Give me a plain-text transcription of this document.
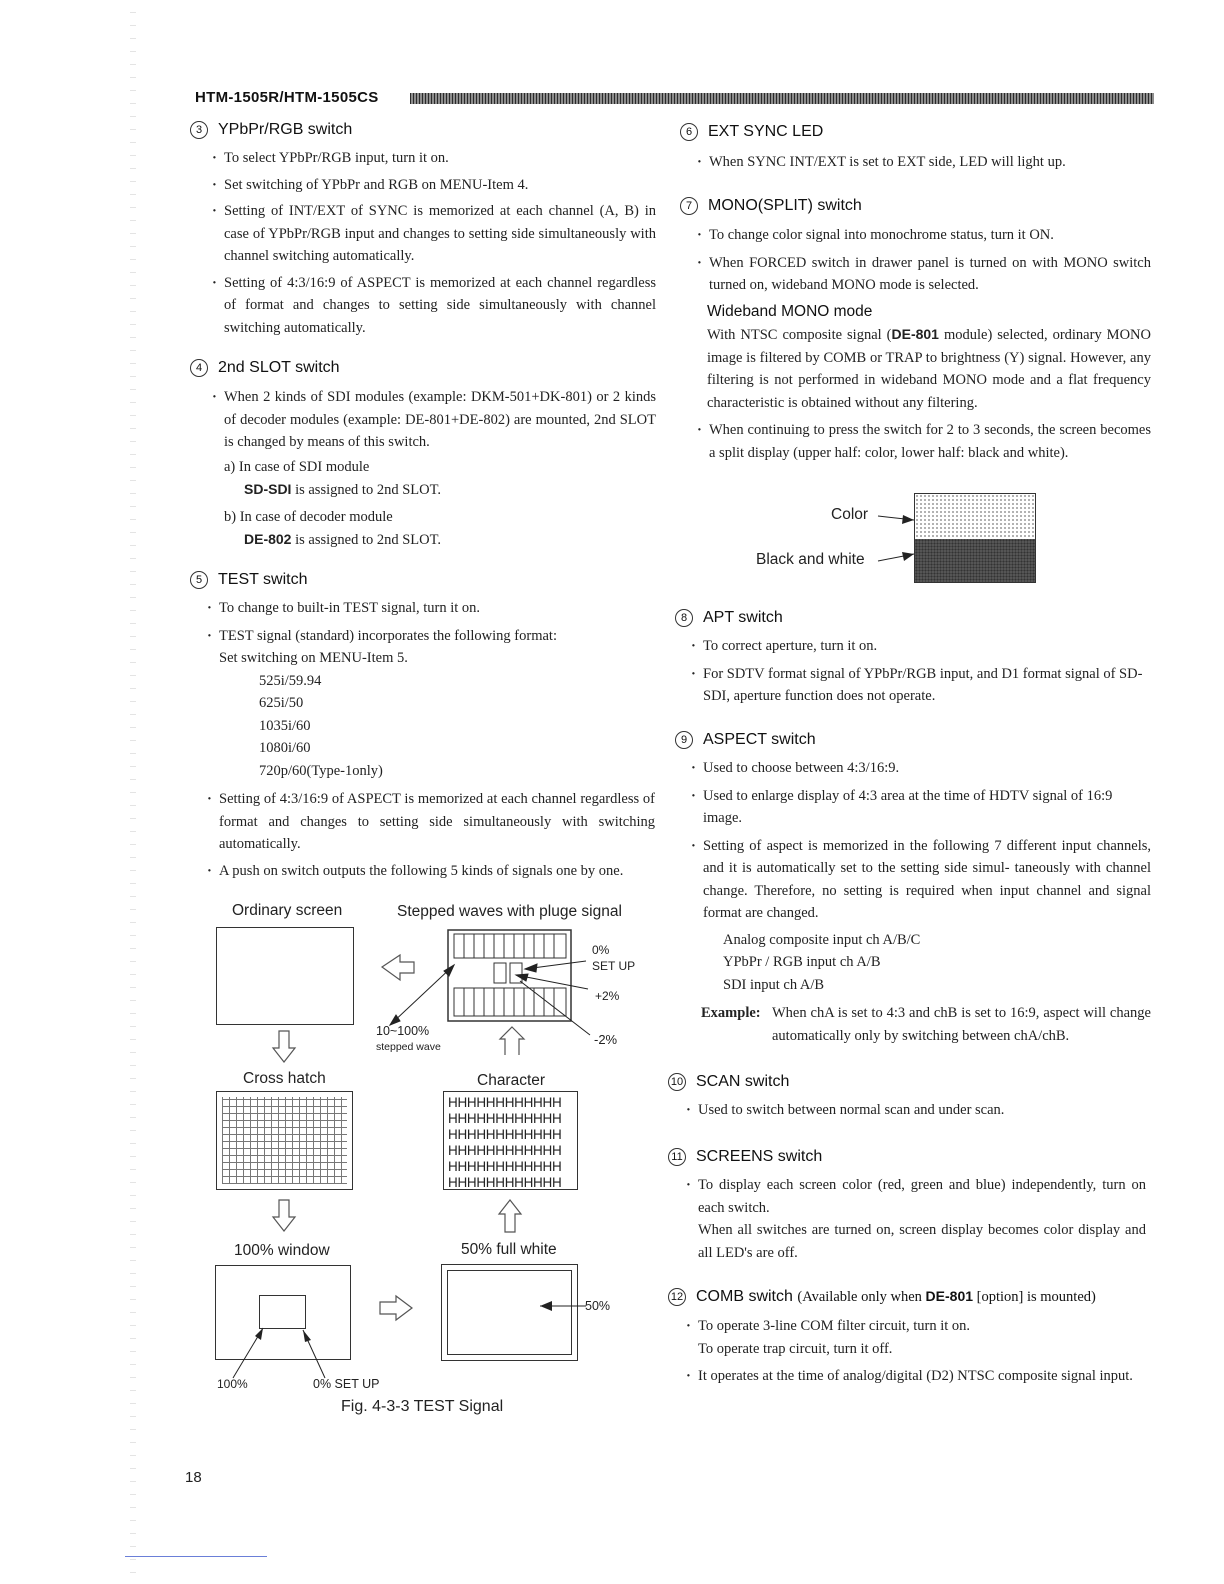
HTM-1505R/HTM-1505CS
3 YPbPr/RGB switch
· To select YPbPr/RGB input, turn it on.
· Set switching of YPbPr and RGB on MENU-Item 4.
· Setting of INT/EXT of SYNC is memorized at each channel (A, B) in case of YPbPr/RGB input and changes to setting side simultaneously with channel switching automatically.
· Setting of 4:3/16:9 of ASPECT is memorized at each channel regardless of format and changes to setting side simultaneously with channel switching automatically.
4 2nd SLOT switch
· When 2 kinds of SDI modules (example: DKM-501+DK-801) or 2 kinds of decoder modules (example: DE-801+DE-802) are mounted, 2nd SLOT is changed by means of this switch.
a) In case of SDI module
SD-SDI is assigned to 2nd SLOT.
b) In case of decoder module
DE-802 is assigned to 2nd SLOT.
5 TEST switch
· To change to built-in TEST signal, turn it on.
· TEST signal (standard) incorporates the following format:
Set switching on MENU-Item 5.
525i/59.94
625i/50
1035i/60
1080i/60
720p/60(Type-1only)
· Setting of 4:3/16:9 of ASPECT is memorized at each channel regardless of format and changes to setting side simultaneously with switching automatically.
· A push on switch outputs the following 5 kinds of signals one by one.
Ordinary screen	Stepped waves with pluge signal
0%
SET UP
+2%
-2%
10~100%
stepped wave
Cross hatch	Character
HHHHHHHHHHHH
HHHHHHHHHHHH
HHHHHHHHHHHH
HHHHHHHHHHHH
HHHHHHHHHHHH
HHHHHHHHHHHH
100% window	50% full white
100%	0% SET UP
50%
Fig. 4-3-3 TEST Signal
6 EXT SYNC LED
· When SYNC INT/EXT is set to EXT side, LED will light up.
7 MONO(SPLIT) switch
· To change color signal into monochrome status, turn it ON.
· When FORCED switch in drawer panel is turned on with MONO switch turned on, wideband MONO mode is selected.
Wideband MONO mode
With NTSC composite signal (DE-801 module) selected, ordinary MONO image is filtered by COMB or TRAP to brightness (Y) signal. However, any filtering is not performed in wideband MONO mode and a flat frequency characteristic is obtained without any filtering.
· When continuing to press the switch for 2 to 3 seconds, the screen becomes a split display (upper half: color, lower half: black and white).
Color
Black and white
8 APT switch
· To correct aperture, turn it on.
· For SDTV format signal of YPbPr/RGB input, and D1 format signal of SD-SDI, aperture function does not operate.
9 ASPECT switch
· Used to choose between 4:3/16:9.
· Used to enlarge display of 4:3 area at the time of HDTV signal of 16:9 image.
· Setting of aspect is memorized in the following 7 different input channels, and it is automatically set to the setting side simul- taneously with channel change. Therefore, no setting is required when input channel and signal format are changed.
Analog composite input ch A/B/C
YPbPr / RGB input ch A/B
SDI input ch A/B
Example: When chA is set to 4:3 and chB is set to 16:9, aspect will change automatically only by switching between chA/chB.
10 SCAN switch
· Used to switch between normal scan and under scan.
11 SCREENS switch
· To display each screen color (red, green and blue) independently, turn on each switch.
When all switches are turned on, screen display becomes color display and all LED's are off.
12 COMB switch (Available only when DE-801 [option] is mounted)
· To operate 3-line COM filter circuit, turn it on.
To operate trap circuit, turn it off.
· It operates at the time of analog/digital (D2) NTSC composite signal input.
18
